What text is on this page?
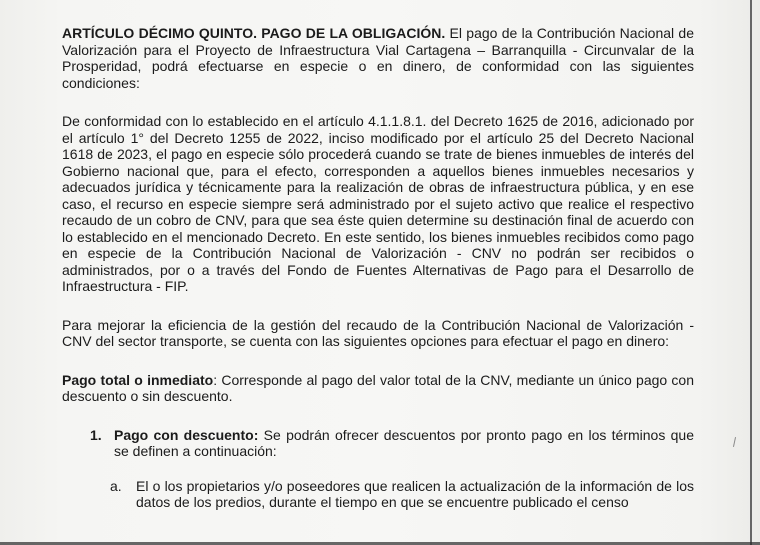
ARTÍCULO DÉCIMO QUINTO. PAGO DE LA OBLIGACIÓN. El pago de la Contribución Nacional de Valorización para el Proyecto de Infraestructura Vial Cartagena – Barranquilla - Circunvalar de la Prosperidad, podrá efectuarse en especie o en dinero, de conformidad con las siguientes condiciones:

De conformidad con lo establecido en el artículo 4.1.1.8.1. del Decreto 1625 de 2016, adicionado por el artículo 1° del Decreto 1255 de 2022, inciso modificado por el artículo 25 del Decreto Nacional 1618 de 2023, el pago en especie sólo procederá cuando se trate de bienes inmuebles de interés del Gobierno nacional que, para el efecto, corresponden a aquellos bienes inmuebles necesarios y adecuados jurídica y técnicamente para la realización de obras de infraestructura pública, y en ese caso, el recurso en especie siempre será administrado por el sujeto activo que realice el respectivo recaudo de un cobro de CNV, para que sea éste quien determine su destinación final de acuerdo con lo establecido en el mencionado Decreto. En este sentido, los bienes inmuebles recibidos como pago en especie de la Contribución Nacional de Valorización - CNV no podrán ser recibidos o administrados, por o a través del Fondo de Fuentes Alternativas de Pago para el Desarrollo de Infraestructura - FIP.

Para mejorar la eficiencia de la gestión del recaudo de la Contribución Nacional de Valorización - CNV del sector transporte, se cuenta con las siguientes opciones para efectuar el pago en dinero:

Pago total o inmediato: Corresponde al pago del valor total de la CNV, mediante un único pago con descuento o sin descuento.

1. Pago con descuento: Se podrán ofrecer descuentos por pronto pago en los términos que se definen a continuación:
a.	El o los propietarios y/o poseedores que realicen la actualización de la información de los datos de los predios, durante el tiempo en que se encuentre publicado el censo
